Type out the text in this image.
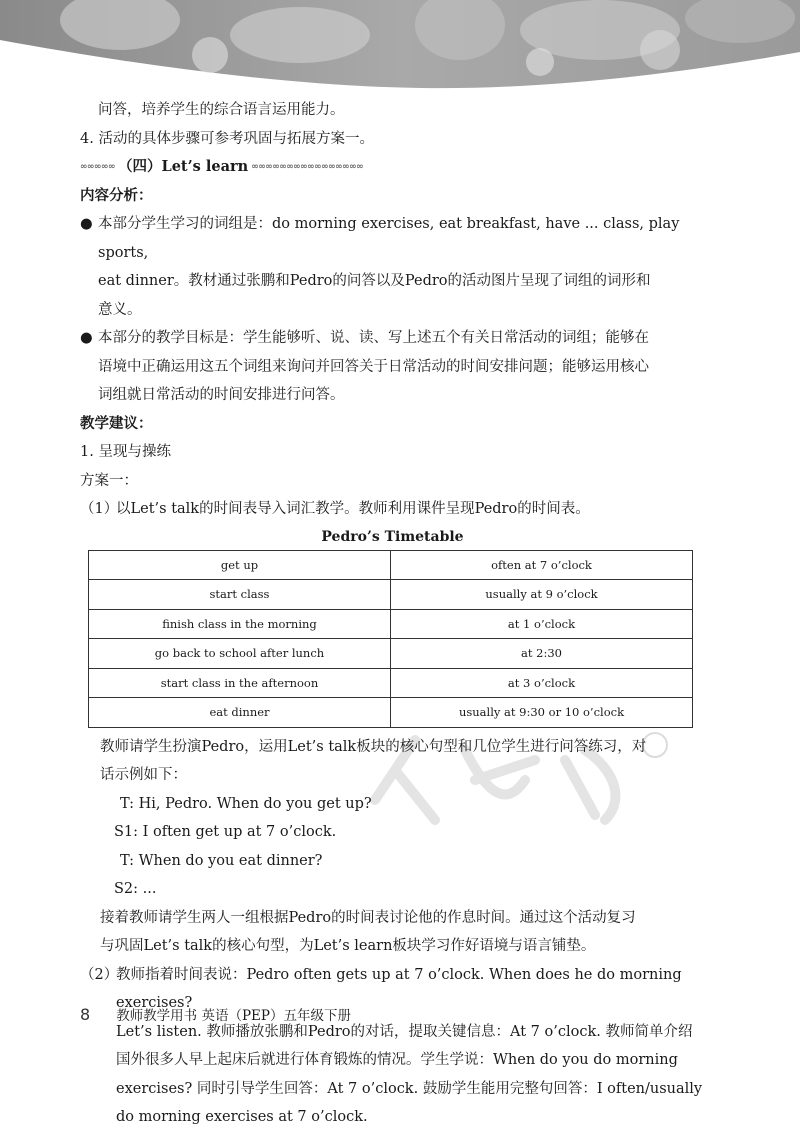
问答，培养学生的综合语言运用能力。

4. 活动的具体步骤可参考巩固与拓展方案一。

∞∞∞∞∞ （四）Let’s learn ∞∞∞∞∞∞∞∞∞∞∞∞∞∞∞∞

内容分析：

● 本部分学生学习的词组是：do morning exercises, eat breakfast, have ... class, play sports,
eat dinner。教材通过张鹏和Pedro的问答以及Pedro的活动图片呈现了词组的词形和
意义。
● 本部分的教学目标是：学生能够听、说、读、写上述五个有关日常活动的词组；能够在
语境中正确运用这五个词组来询问并回答关于日常活动的时间安排问题；能够运用核心
词组就日常活动的时间安排进行问答。

教学建议：

1. 呈现与操练

方案一：

（1）
以Let’s talk的时间表导入词汇教学。教师利用课件呈现Pedro的时间表。
Pedro’s Timetable
get up	often at 7 o’clock
start class	usually at 9 o’clock
finish class in the morning	at 1 o’clock
go back to school after lunch	at 2:30
start class in the afternoon	at 3 o’clock
eat dinner	usually at 9:30 or 10 o’clock
教师请学生扮演Pedro，运用Let’s talk板块的核心句型和几位学生进行问答练习，对
话示例如下：
T: Hi, Pedro. When do you get up?
S1: I often get up at 7 o’clock.
T: When do you eat dinner?
S2: ...
接着教师请学生两人一组根据Pedro的时间表讨论他的作息时间。通过这个活动复习
与巩固Let’s talk的核心句型，为Let’s learn板块学习作好语境与语言铺垫。
（2）
教师指着时间表说：Pedro often gets up at 7 o’clock. When does he do morning exercises?
Let’s listen. 教师播放张鹏和Pedro的对话，提取关键信息：At 7 o’clock. 教师简单介绍
国外很多人早上起床后就进行体育锻炼的情况。学生学说：When do you do morning
exercises? 同时引导学生回答：At 7 o’clock. 鼓励学生能用完整句回答：I often/usually
do morning exercises at 7 o’clock.
8 教师教学用书 英语（PEP）五年级下册
